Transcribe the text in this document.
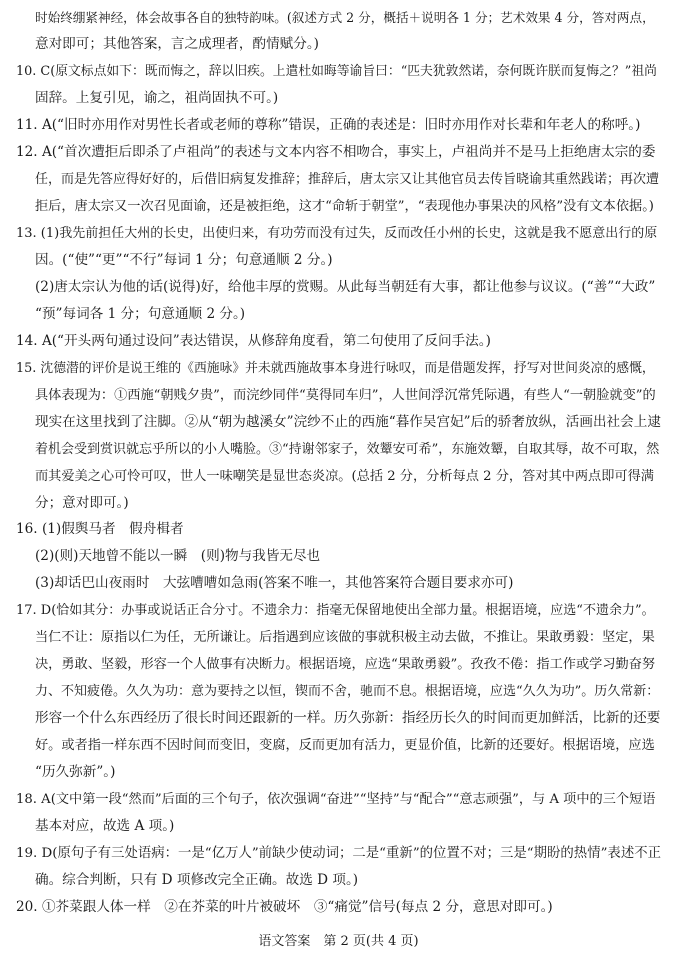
时始终绷紧神经，体会故事各自的独特韵味。(叙述方式 2 分，概括＋说明各 1 分；艺术效果 4 分，答对两点，
意对即可；其他答案，言之成理者，酌情赋分。)
10. C(原文标点如下：既而悔之，辞以旧疾。上遣杜如晦等谕旨曰：“匹夫犹敦然诺，奈何既许朕而复悔之？”祖尚
固辞。上复引见，谕之，祖尚固执不可。)
11. A(“旧时亦用作对男性长者或老师的尊称”错误，正确的表述是：旧时亦用作对长辈和年老人的称呼。)
12. A(“首次遭拒后即杀了卢祖尚”的表述与文本内容不相吻合，事实上，卢祖尚并不是马上拒绝唐太宗的委
任，而是先答应得好好的，后借旧病复发推辞；推辞后，唐太宗又让其他官员去传旨晓谕其重然践诺；再次遭
拒后，唐太宗又一次召见面谕，还是被拒绝，这才“命斩于朝堂”，“表现他办事果决的风格”没有文本依据。)
13. (1)我先前担任大州的长史，出使归来，有功劳而没有过失，反而改任小州的长史，这就是我不愿意出行的原
因。(“使”“更”“不行”每词 1 分；句意通顺 2 分。)
(2)唐太宗认为他的话(说得)好，给他丰厚的赏赐。从此每当朝廷有大事，都让他参与议议。(“善”“大政”
“预”每词各 1 分；句意通顺 2 分。)
14. A(“开头两句通过设问”表达错误，从修辞角度看，第二句使用了反问手法。)
15. 沈德潜的评价是说王维的《西施咏》并未就西施故事本身进行咏叹，而是借题发挥，抒写对世间炎凉的感慨，
具体表现为：①西施“朝贱夕贵”，而浣纱同伴“莫得同车归”，人世间浮沉常凭际遇，有些人“一朝脸就变”的
现实在这里找到了注脚。②从“朝为越溪女”浣纱不止的西施“暮作吴宫妃”后的骄奢放纵，活画出社会上逮
着机会受到赏识就忘乎所以的小人嘴脸。③“持谢邻家子，效颦安可希”，东施效颦，自取其辱，故不可取，然
而其爱美之心可怜可叹，世人一味嘲笑是显世态炎凉。(总括 2 分，分析每点 2 分，答对其中两点即可得满
分；意对即可。)
16. (1)假舆马者　假舟楫者
(2)(则)天地曾不能以一瞬　(则)物与我皆无尽也
(3)却话巴山夜雨时　大弦嘈嘈如急雨(答案不唯一，其他答案符合题目要求亦可)
17. D(恰如其分：办事或说话正合分寸。不遗余力：指毫无保留地使出全部力量。根据语境，应选“不遗余力”。
当仁不让：原指以仁为任，无所谦让。后指遇到应该做的事就积极主动去做，不推让。果敢勇毅：坚定，果
决，勇敢、坚毅，形容一个人做事有决断力。根据语境，应选“果敢勇毅”。孜孜不倦：指工作或学习勤奋努
力、不知疲倦。久久为功：意为要持之以恒，锲而不舍，驰而不息。根据语境，应选“久久为功”。历久常新：
形容一个什么东西经历了很长时间还跟新的一样。历久弥新：指经历长久的时间而更加鲜活，比新的还要
好。或者指一样东西不因时间而变旧，变腐，反而更加有活力，更显价值，比新的还要好。根据语境，应选
“历久弥新”。)
18. A(文中第一段“然而”后面的三个句子，依次强调“奋进”“坚持”与“配合”“意志顽强”，与 A 项中的三个短语
基本对应，故选 A 项。)
19. D(原句子有三处语病：一是“亿万人”前缺少使动词；二是“重新”的位置不对；三是“期盼的热情”表述不正
确。综合判断，只有 D 项修改完全正确。故选 D 项。)
20. ①芥菜跟人体一样　②在芥菜的叶片被破坏　③“痛觉”信号(每点 2 分，意思对即可。)
语文答案　第 2 页(共 4 页)
